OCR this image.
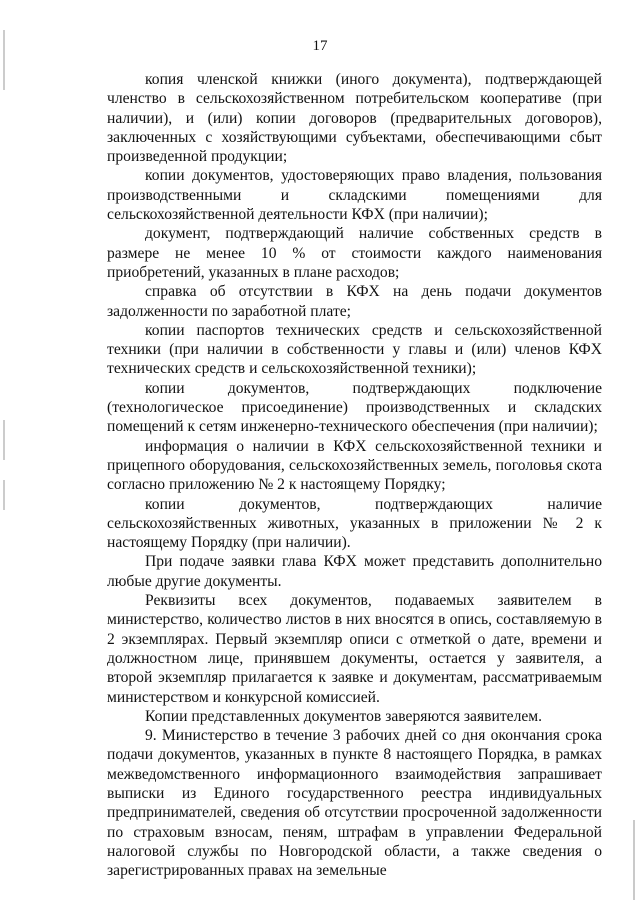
17

копия членской книжки (иного документа), подтверждающей членство в сельскохозяйственном потребительском кооперативе (при наличии), и (или) копии договоров (предварительных договоров), заключенных с хозяйствующими субъектами, обеспечивающими сбыт произведенной продукции;

копии документов, удостоверяющих право владения, пользования производственными и складскими помещениями для сельскохозяйственной деятельности КФХ (при наличии);

документ, подтверждающий наличие собственных средств в размере не менее 10 % от стоимости каждого наименования приобретений, указанных в плане расходов;

справка об отсутствии в КФХ на день подачи документов задолженности по заработной плате;

копии паспортов технических средств и сельскохозяйственной техники (при наличии в собственности у главы и (или) членов КФХ технических средств и сельскохозяйственной техники);

копии документов, подтверждающих подключение (технологическое присоединение) производственных и складских помещений к сетям инженерно-технического обеспечения (при наличии);

информация о наличии в КФХ сельскохозяйственной техники и прицепного оборудования, сельскохозяйственных земель, поголовья скота согласно приложению № 2 к настоящему Порядку;

копии документов, подтверждающих наличие сельскохозяйственных животных, указанных в приложении № 2 к настоящему Порядку (при наличии).

При подаче заявки глава КФХ может представить дополнительно любые другие документы.

Реквизиты всех документов, подаваемых заявителем в министерство, количество листов в них вносятся в опись, составляемую в 2 экземплярах. Первый экземпляр описи с отметкой о дате, времени и должностном лице, принявшем документы, остается у заявителя, а второй экземпляр прилагается к заявке и документам, рассматриваемым министерством и конкурсной комиссией.

Копии представленных документов заверяются заявителем.

9. Министерство в течение 3 рабочих дней со дня окончания срока подачи документов, указанных в пункте 8 настоящего Порядка, в рамках межведомственного информационного взаимодействия запрашивает выписки из Единого государственного реестра индивидуальных предпринимателей, сведения об отсутствии просроченной задолженности по страховым взносам, пеням, штрафам в управлении Федеральной налоговой службы по Новгородской области, а также сведения о зарегистрированных правах на земельные
